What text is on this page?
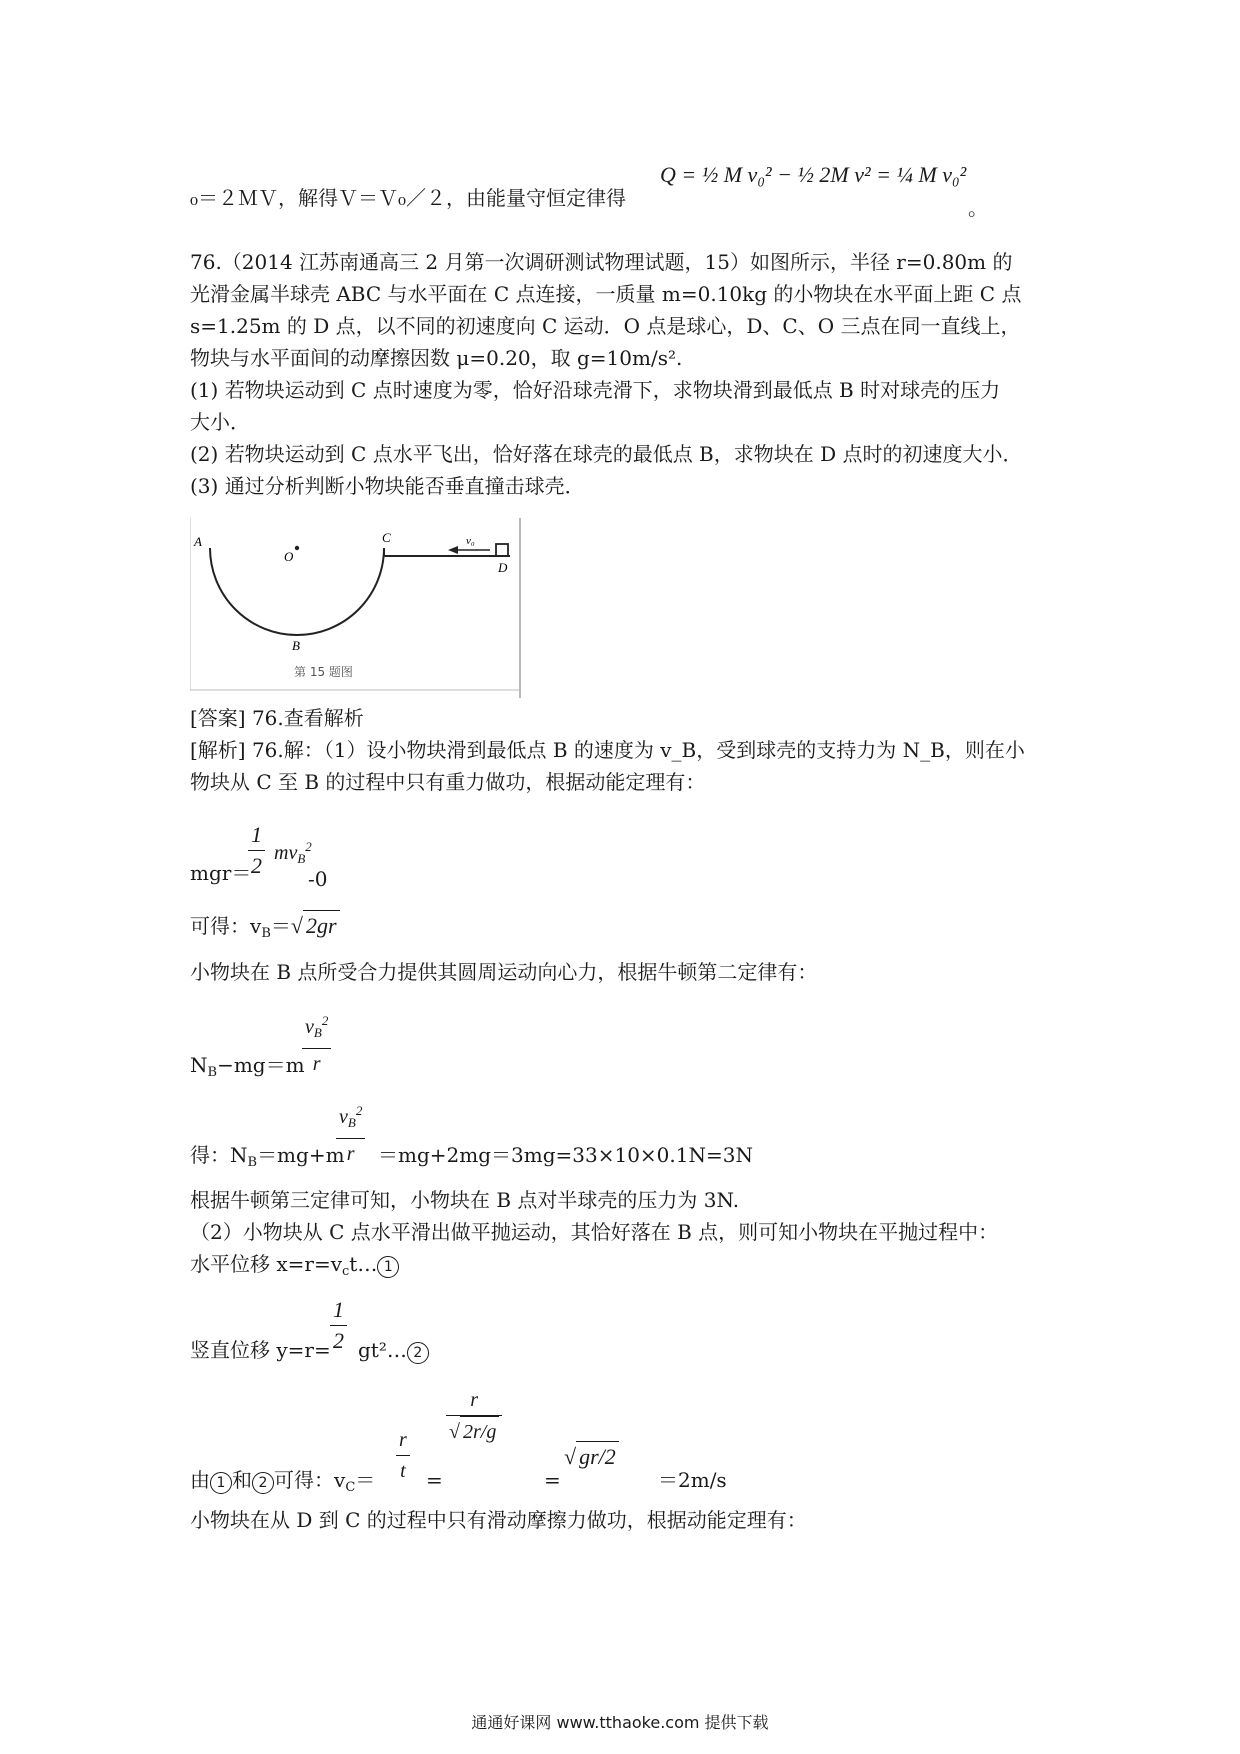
₀＝２ＭＶ，解得Ｖ＝Ｖ₀／２，由能量守恒定律得
Q = ½ M v₀² − ½ 2M v² = ¼ M v₀²
。
76.（2014 江苏南通高三 2 月第一次调研测试物理试题，15）如图所示，半径 r=0.80m 的
光滑金属半球壳 ABC 与水平面在 C 点连接，一质量 m=0.10kg 的小物块在水平面上距 C 点
s=1.25m 的 D 点，以不同的初速度向 C 运动．O 点是球心，D、C、O 三点在同一直线上，
物块与水平面间的动摩擦因数 μ=0.20，取 g=10m/s².
(1) 若物块运动到 C 点时速度为零，恰好沿球壳滑下，求物块滑到最低点 B 时对球壳的压力
大小．
(2) 若物块运动到 C 点水平飞出，恰好落在球壳的最低点 B，求物块在 D 点时的初速度大小．
(3) 通过分析判断小物块能否垂直撞击球壳．
A
O
C
B
D
v₀
第 15 题图
[答案] 76.查看解析
[解析] 76.解：（1）设小物块滑到最低点 B 的速度为 v_B，受到球壳的支持力为 N_B，则在小
物块从 C 至 B 的过程中只有重力做功，根据动能定理有：
mgr＝
$\frac{1}{2} mv_B^2$
-0
可得：$v_B=√$ 2gr
小物块在 B 点所受合力提供其圆周运动向心力，根据牛顿第二定律有：
$N_B-mg=m$
$\frac{v_B^2}{r}$
得：$N_B=mg+m$
$\frac{v_B^2}{r} =mg+2mg=3mg=33\times 10\times 0.1N=3N$
根据牛顿第三定律可知，小物块在 B 点对半球壳的压力为 3N.
（2）小物块从 C 点水平滑出做平抛运动，其恰好落在 B 点，则可知小物块在平抛过程中：
水平位移 $x=r=v_ct\dots$ 1
竖直位移 $y=r= \frac{1}{2}$ gt²… 2
由 1 和 2 可得：$v_C= \frac{r}{t}$ =
$\frac{r}{√ 2r/g}$
=
√ gr/2
＝2m/s
小物块在从 D 到 C 的过程中只有滑动摩擦力做功，根据动能定理有：
通通好课网 www.tthaoke.com 提供下载
